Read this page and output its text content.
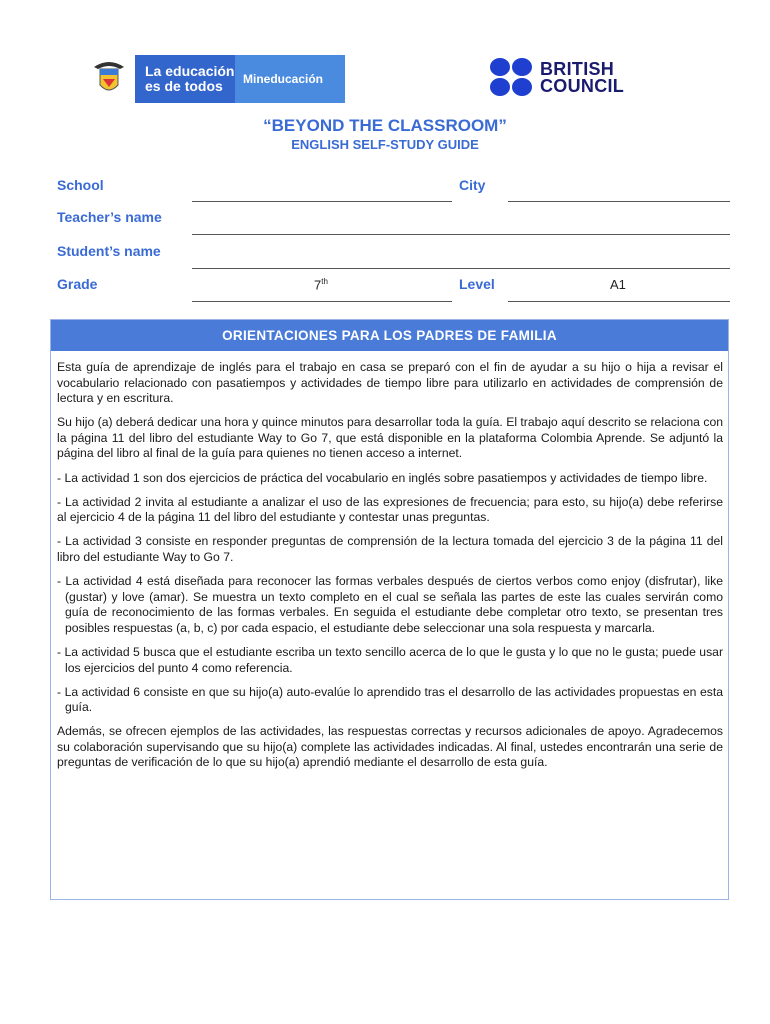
La educación es de todos	Mineducación	BRITISH
COUNCIL
“BEYOND THE CLASSROOM”
ENGLISH SELF-STUDY GUIDE
School	City
Teacher’s name
Student’s name
Grade	7th	Level	A1
ORIENTACIONES PARA LOS PADRES DE FAMILIA

Esta guía de aprendizaje de inglés para el trabajo en casa se preparó con el fin de ayudar a su hijo o hija a revisar el vocabulario relacionado con pasatiempos y actividades de tiempo libre para utilizarlo en actividades de comprensión de lectura y en escritura.

Su hijo (a) deberá dedicar una hora y quince minutos para desarrollar toda la guía. El trabajo aquí descrito se relaciona con la página 11 del libro del estudiante Way to Go 7, que está disponible en la plataforma Colombia Aprende. Se adjuntó la página del libro al final de la guía para quienes no tienen acceso a internet.

- La actividad 1 son dos ejercicios de práctica del vocabulario en inglés sobre pasatiempos y actividades de tiempo libre.

- La actividad 2 invita al estudiante a analizar el uso de las expresiones de frecuencia; para esto, su hijo(a) debe referirse al ejercicio 4 de la página 11 del libro del estudiante y contestar unas preguntas.

- La actividad 3 consiste en responder preguntas de comprensión de la lectura tomada del ejercicio 3 de la página 11 del libro del estudiante Way to Go 7.

- La actividad 4 está diseñada para reconocer las formas verbales después de ciertos verbos como enjoy (disfrutar), like (gustar) y love (amar). Se muestra un texto completo en el cual se señala las partes de este las cuales servirán como guía de reconocimiento de las formas verbales. En seguida el estudiante debe completar otro texto, se presentan tres posibles respuestas (a, b, c) por cada espacio, el estudiante debe seleccionar una sola respuesta y marcarla.

- La actividad 5 busca que el estudiante escriba un texto sencillo acerca de lo que le gusta y lo que no le gusta; puede usar los ejercicios del punto 4 como referencia.

- La actividad 6 consiste en que su hijo(a) auto-evalúe lo aprendido tras el desarrollo de las actividades propuestas en esta guía.

Además, se ofrecen ejemplos de las actividades, las respuestas correctas y recursos adicionales de apoyo. Agradecemos su colaboración supervisando que su hijo(a) complete las actividades indicadas. Al final, ustedes encontrarán una serie de preguntas de verificación de lo que su hijo(a) aprendió mediante el desarrollo de esta guía.
